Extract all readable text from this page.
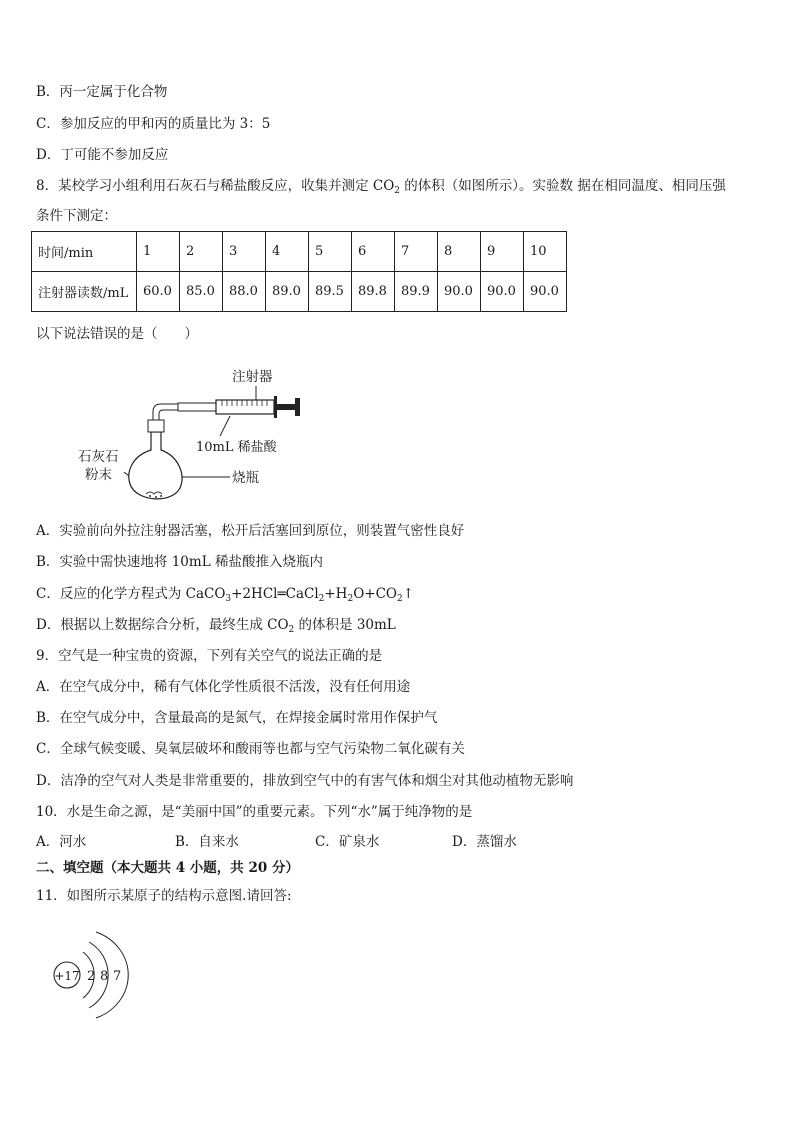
B．丙一定属于化合物
C．参加反应的甲和丙的质量比为 3：5
D．丁可能不参加反应
8．某校学习小组利用石灰石与稀盐酸反应，收集并测定 $CO_2$ 的体积（如图所示）。实验数 据在相同温度、相同压强
条件下测定：
时间/min	1	2	3	4	5	6	7	8	9	10
注射器读数/mL	60.0	85.0	88.0	89.0	89.5	89.8	89.9	90.0	90.0	90.0
以下说法错误的是（　　）
注射器
10mL 稀盐酸
石灰石
粉末	烧瓶
A．实验前向外拉注射器活塞，松开后活塞回到原位，则装置气密性良好
B．实验中需快速地将 10mL 稀盐酸推入烧瓶内
C．反应的化学方程式为 $CaCO_3+2HCl═CaCl_2+H_2O+CO_2↑$
D．根据以上数据综合分析，最终生成 $CO_2$ 的体积是 30mL
9．空气是一种宝贵的资源，下列有关空气的说法正确的是
A．在空气成分中，稀有气体化学性质很不活泼，没有任何用途
B．在空气成分中，含量最高的是氮气，在焊接金属时常用作保护气
C．全球气候变暖、臭氧层破坏和酸雨等也都与空气污染物二氧化碳有关
D．洁净的空气对人类是非常重要的，排放到空气中的有害气体和烟尘对其他动植物无影响
10．水是生命之源，是“美丽中国”的重要元素。下列“水”属于纯净物的是
A．河水	B．自来水	C．矿泉水	D．蒸馏水
二、填空题（本大题共 4 小题，共 20 分）
11．如图所示某原子的结构示意图.请回答:
+17 2 8 7
